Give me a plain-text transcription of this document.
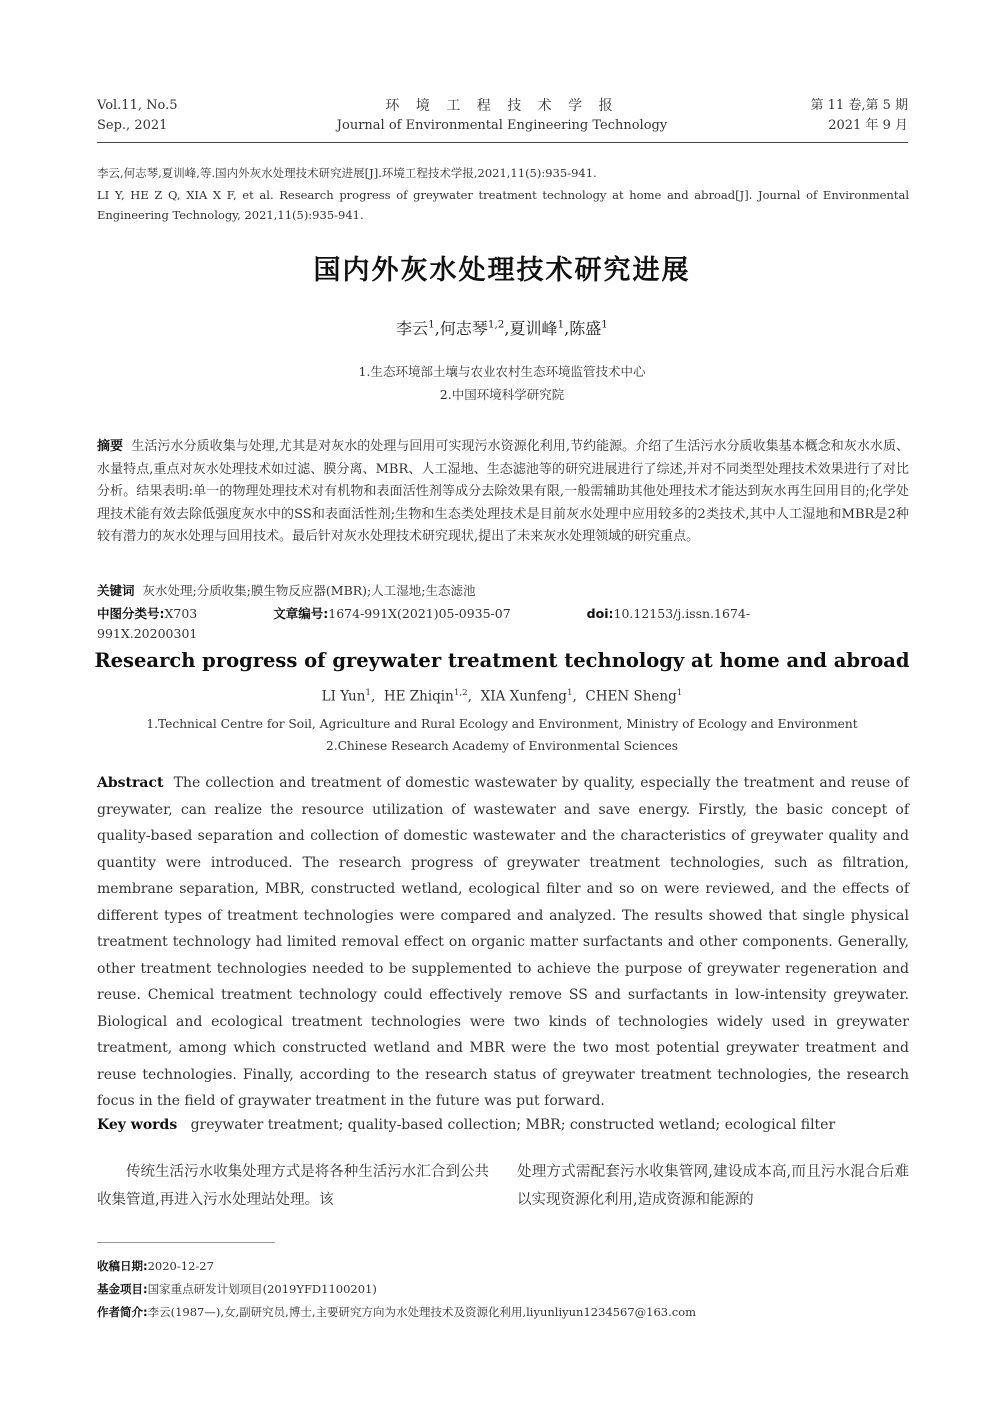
Vol.11, No.5
Sep., 2021
环 境 工 程 技 术 学 报
Journal of Environmental Engineering Technology
第 11 卷,第 5 期
2021 年 9 月
李云,何志琴,夏训峰,等.国内外灰水处理技术研究进展[J].环境工程技术学报,2021,11(5):935-941.
LI Y, HE Z Q, XIA X F, et al. Research progress of greywater treatment technology at home and abroad[J]. Journal of Environmental Engineering Technology, 2021,11(5):935-941.
国内外灰水处理技术研究进展
李云$^1$,何志琴$^{1,2}$,夏训峰$^1$,陈盛$^1$
1.生态环境部土壤与农业农村生态环境监管技术中心
2.中国环境科学研究院
摘要 生活污水分质收集与处理,尤其是对灰水的处理与回用可实现污水资源化利用,节约能源。介绍了生活污水分质收集基本概念和灰水水质、水量特点,重点对灰水处理技术如过滤、膜分离、MBR、人工湿地、生态滤池等的研究进展进行了综述,并对不同类型处理技术效果进行了对比分析。结果表明:单一的物理处理技术对有机物和表面活性剂等成分去除效果有限,一般需辅助其他处理技术才能达到灰水再生回用目的;化学处理技术能有效去除低强度灰水中的SS和表面活性剂;生物和生态类处理技术是目前灰水处理中应用较多的2类技术,其中人工湿地和MBR是2种较有潜力的灰水处理与回用技术。最后针对灰水处理技术研究现状,提出了未来灰水处理领域的研究重点。
关键词 灰水处理;分质收集;膜生物反应器(MBR);人工湿地;生态滤池
中图分类号:X703	文章编号:1674-991X(2021)05-0935-07	doi:10.12153/j.issn.1674-991X.20200301
Research progress of greywater treatment technology at home and abroad
LI Yun$^1$,  HE Zhiqin$^{1,2}$,  XIA Xunfeng$^1$,  CHEN Sheng$^1$
1.Technical Centre for Soil, Agriculture and Rural Ecology and Environment, Ministry of Ecology and Environment
2.Chinese Research Academy of Environmental Sciences
Abstract The collection and treatment of domestic wastewater by quality, especially the treatment and reuse of greywater, can realize the resource utilization of wastewater and save energy. Firstly, the basic concept of quality-based separation and collection of domestic wastewater and the characteristics of greywater quality and quantity were introduced. The research progress of greywater treatment technologies, such as filtration, membrane separation, MBR, constructed wetland, ecological filter and so on were reviewed, and the effects of different types of treatment technologies were compared and analyzed. The results showed that single physical treatment technology had limited removal effect on organic matter surfactants and other components. Generally, other treatment technologies needed to be supplemented to achieve the purpose of greywater regeneration and reuse. Chemical treatment technology could effectively remove SS and surfactants in low-intensity greywater. Biological and ecological treatment technologies were two kinds of technologies widely used in greywater treatment, among which constructed wetland and MBR were the two most potential greywater treatment and reuse technologies. Finally, according to the research status of greywater treatment technologies, the research focus in the field of graywater treatment in the future was put forward.
Key words greywater treatment; quality-based collection; MBR; constructed wetland; ecological filter
传统生活污水收集处理方式是将各种生活污水汇合到公共收集管道,再进入污水处理站处理。该
处理方式需配套污水收集管网,建设成本高,而且污水混合后难以实现资源化利用,造成资源和能源的
收稿日期:2020-12-27
基金项目:国家重点研发计划项目(2019YFD1100201)
作者简介:李云(1987—),女,副研究员,博士,主要研究方向为水处理技术及资源化利用,liyunliyun1234567@163.com
